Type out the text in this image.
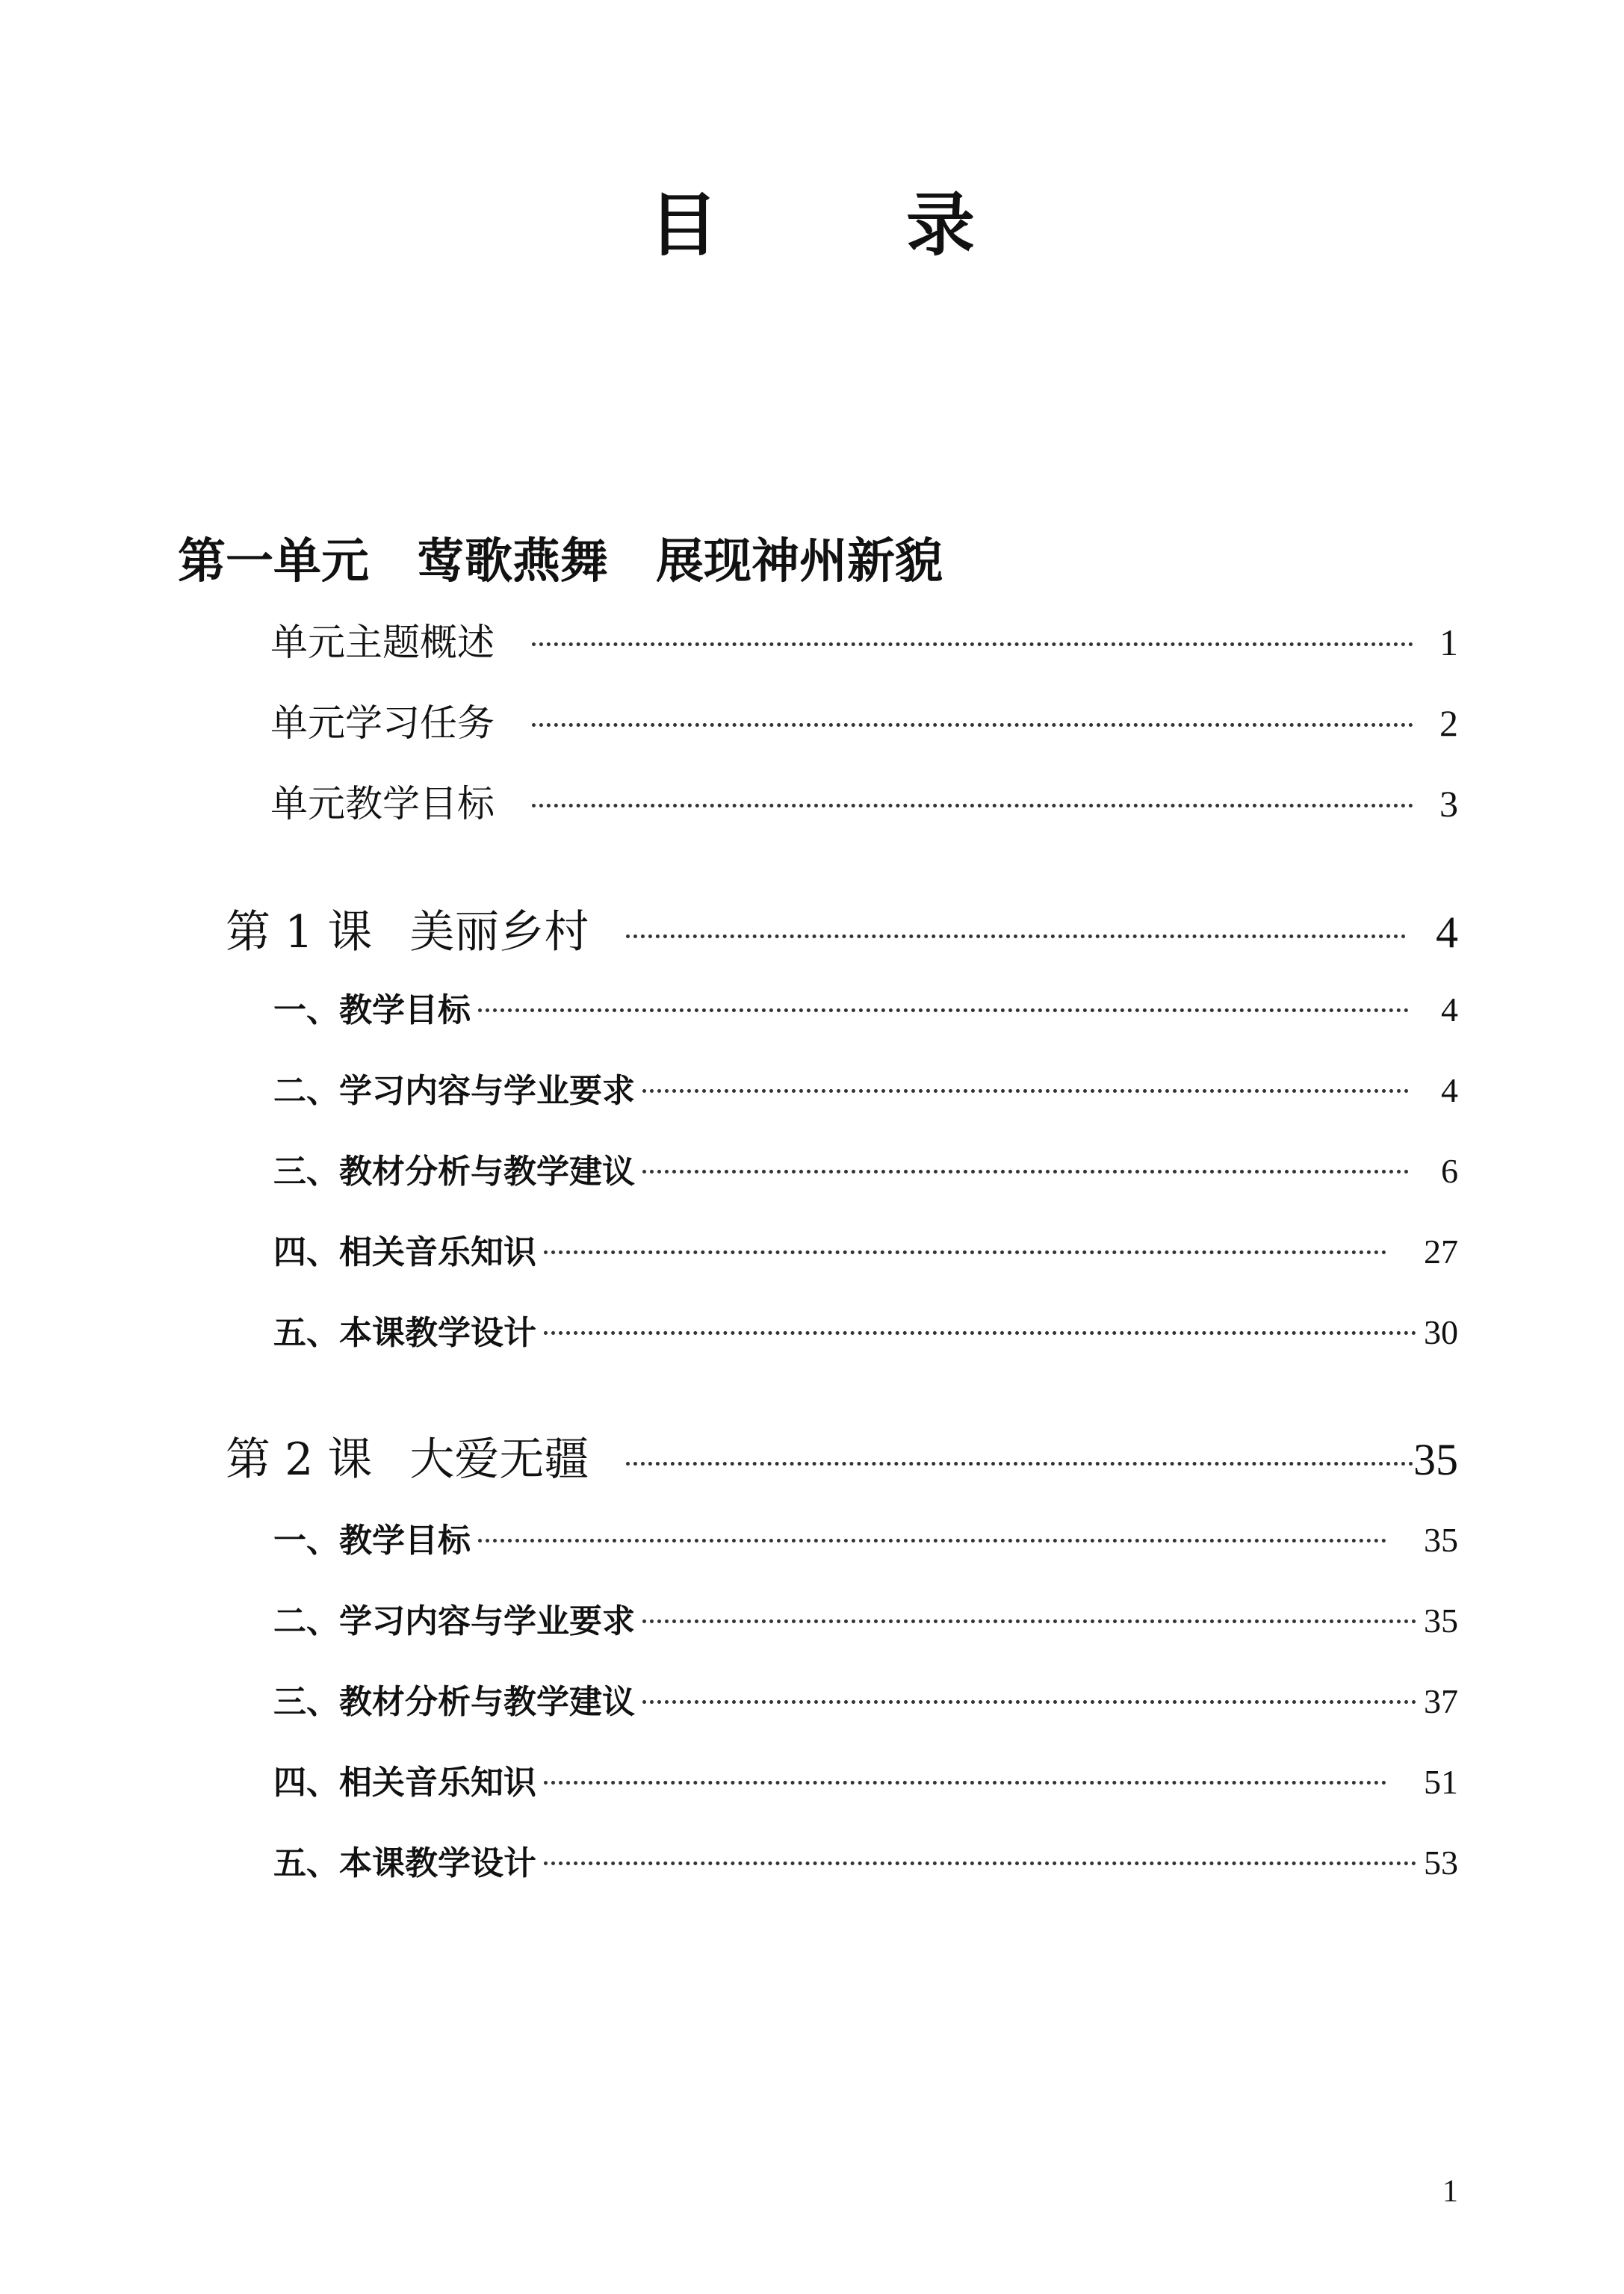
目　录
第一单元 莺歌燕舞 展现神州新貌
单元主题概述	1
单元学习任务	2
单元教学目标	3
第 1 课 美丽乡村	4
一、教学目标	4
二、学习内容与学业要求	4
三、教材分析与教学建议	6
四、相关音乐知识	27
五、本课教学设计	30
第 2 课 大爱无疆	35
一、教学目标	35
二、学习内容与学业要求	35
三、教材分析与教学建议	37
四、相关音乐知识	51
五、本课教学设计	53
1
